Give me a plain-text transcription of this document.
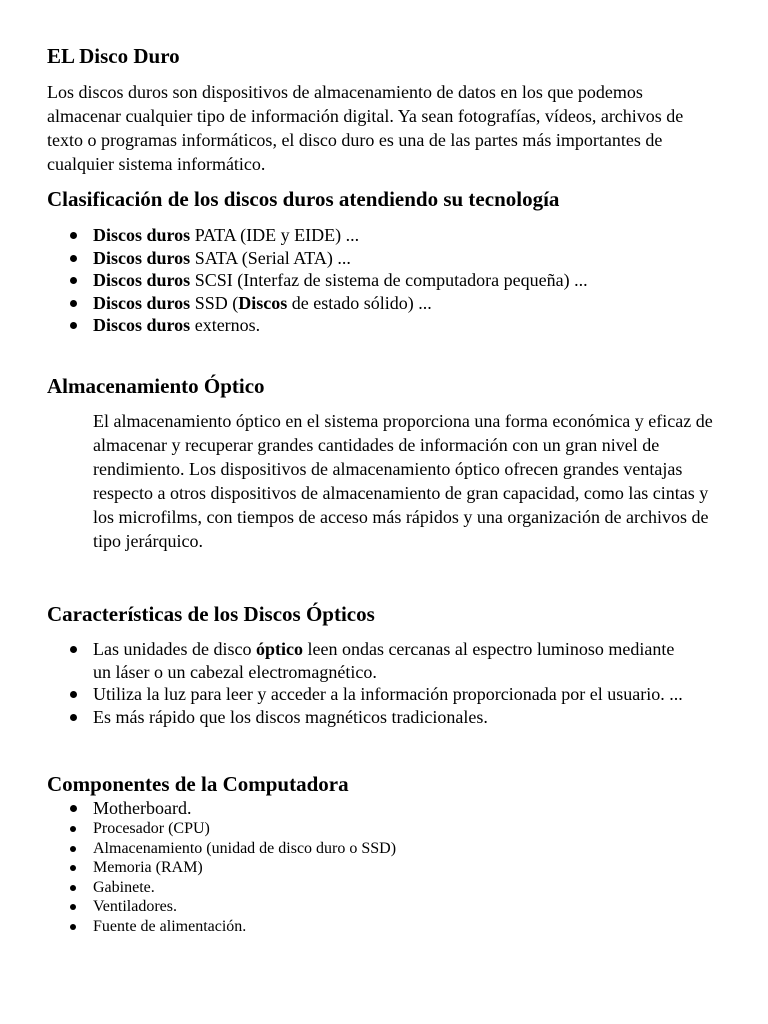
EL Disco Duro

Los discos duros son dispositivos de almacenamiento de datos en los que podemos almacenar cualquier tipo de información digital. Ya sean fotografías, vídeos, archivos de texto o programas informáticos, el disco duro es una de las partes más importantes de cualquier sistema informático.

Clasificación de los discos duros atendiendo su tecnología
Discos duros PATA (IDE y EIDE) ...
Discos duros SATA (Serial ATA) ...
Discos duros SCSI (Interfaz de sistema de computadora pequeña) ...
Discos duros SSD (Discos de estado sólido) ...
Discos duros externos.
Almacenamiento Óptico

El almacenamiento óptico en el sistema proporciona una forma económica y eficaz de almacenar y recuperar grandes cantidades de información con un gran nivel de rendimiento. Los dispositivos de almacenamiento óptico ofrecen grandes ventajas respecto a otros dispositivos de almacenamiento de gran capacidad, como las cintas y los microfilms, con tiempos de acceso más rápidos y una organización de archivos de tipo jerárquico.

Características de los Discos Ópticos
Las unidades de disco óptico leen ondas cercanas al espectro luminoso mediante un láser o un cabezal electromagnético.
Utiliza la luz para leer y acceder a la información proporcionada por el usuario. ...
Es más rápido que los discos magnéticos tradicionales.
Componentes de la Computadora
Motherboard.
Procesador (CPU)
Almacenamiento (unidad de disco duro o SSD)
Memoria (RAM)
Gabinete.
Ventiladores.
Fuente de alimentación.
